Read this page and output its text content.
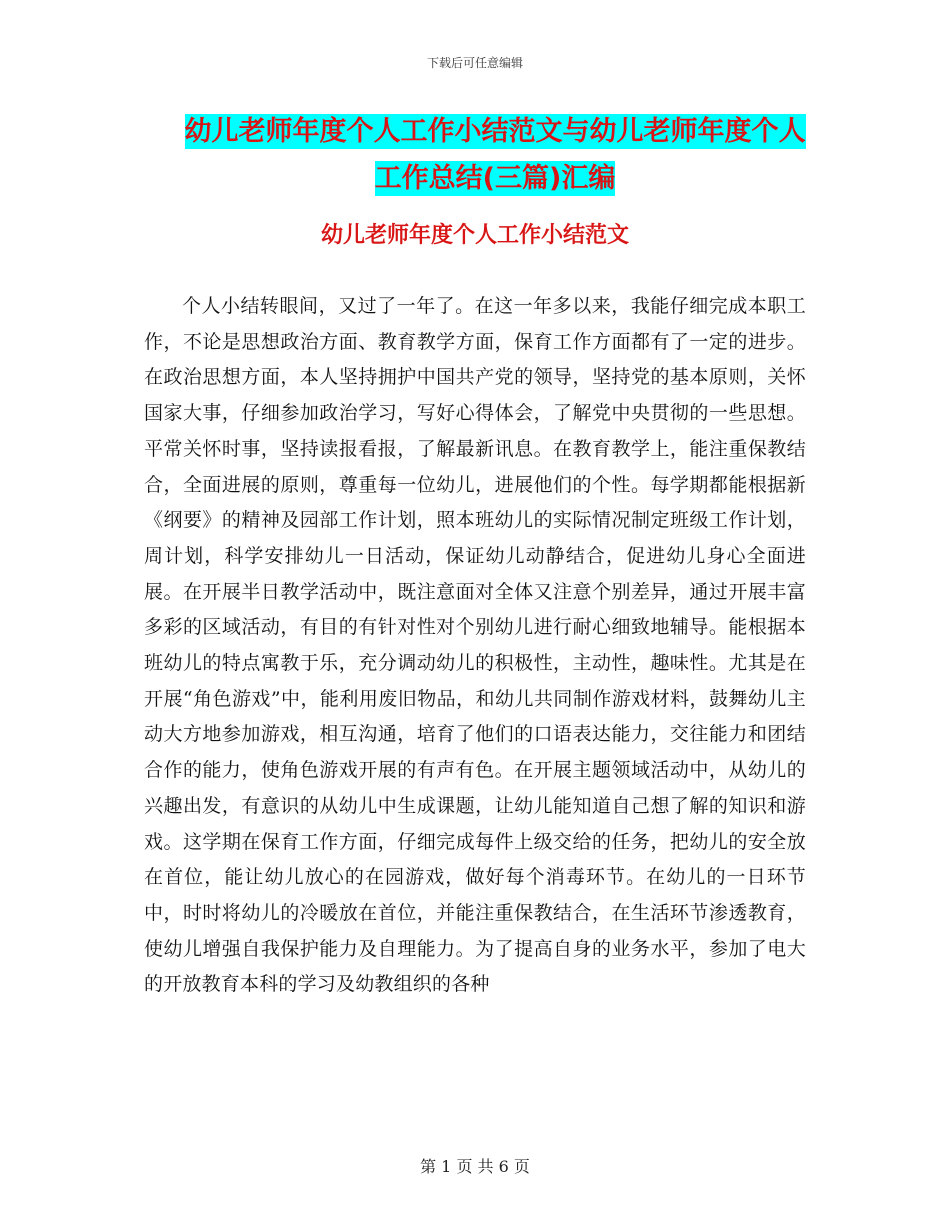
下载后可任意编辑
幼儿老师年度个人工作小结范文与幼儿老师年度个人
工作总结(三篇)汇编
幼儿老师年度个人工作小结范文

个人小结转眼间，又过了一年了。在这一年多以来，我能仔细完成本职工作，不论是思想政治方面、教育教学方面，保育工作方面都有了一定的进步。在政治思想方面，本人坚持拥护中国共产党的领导，坚持党的基本原则，关怀国家大事，仔细参加政治学习，写好心得体会，了解党中央贯彻的一些思想。平常关怀时事，坚持读报看报，了解最新讯息。在教育教学上，能注重保教结合，全面进展的原则，尊重每一位幼儿，进展他们的个性。每学期都能根据新《纲要》的精神及园部工作计划，照本班幼儿的实际情况制定班级工作计划，周计划，科学安排幼儿一日活动，保证幼儿动静结合，促进幼儿身心全面进展。在开展半日教学活动中，既注意面对全体又注意个别差异，通过开展丰富多彩的区域活动，有目的有针对性对个别幼儿进行耐心细致地辅导。能根据本班幼儿的特点寓教于乐，充分调动幼儿的积极性，主动性，趣味性。尤其是在开展“角色游戏”中，能利用废旧物品，和幼儿共同制作游戏材料，鼓舞幼儿主动大方地参加游戏，相互沟通，培育了他们的口语表达能力，交往能力和团结合作的能力，使角色游戏开展的有声有色。在开展主题领域活动中，从幼儿的兴趣出发，有意识的从幼儿中生成课题，让幼儿能知道自己想了解的知识和游戏。这学期在保育工作方面，仔细完成每件上级交给的任务，把幼儿的安全放在首位，能让幼儿放心的在园游戏，做好每个消毒环节。在幼儿的一日环节中，时时将幼儿的冷暖放在首位，并能注重保教结合，在生活环节渗透教育，使幼儿增强自我保护能力及自理能力。为了提高自身的业务水平，参加了电大的开放教育本科的学习及幼教组织的各种

第 1 页 共 6 页
